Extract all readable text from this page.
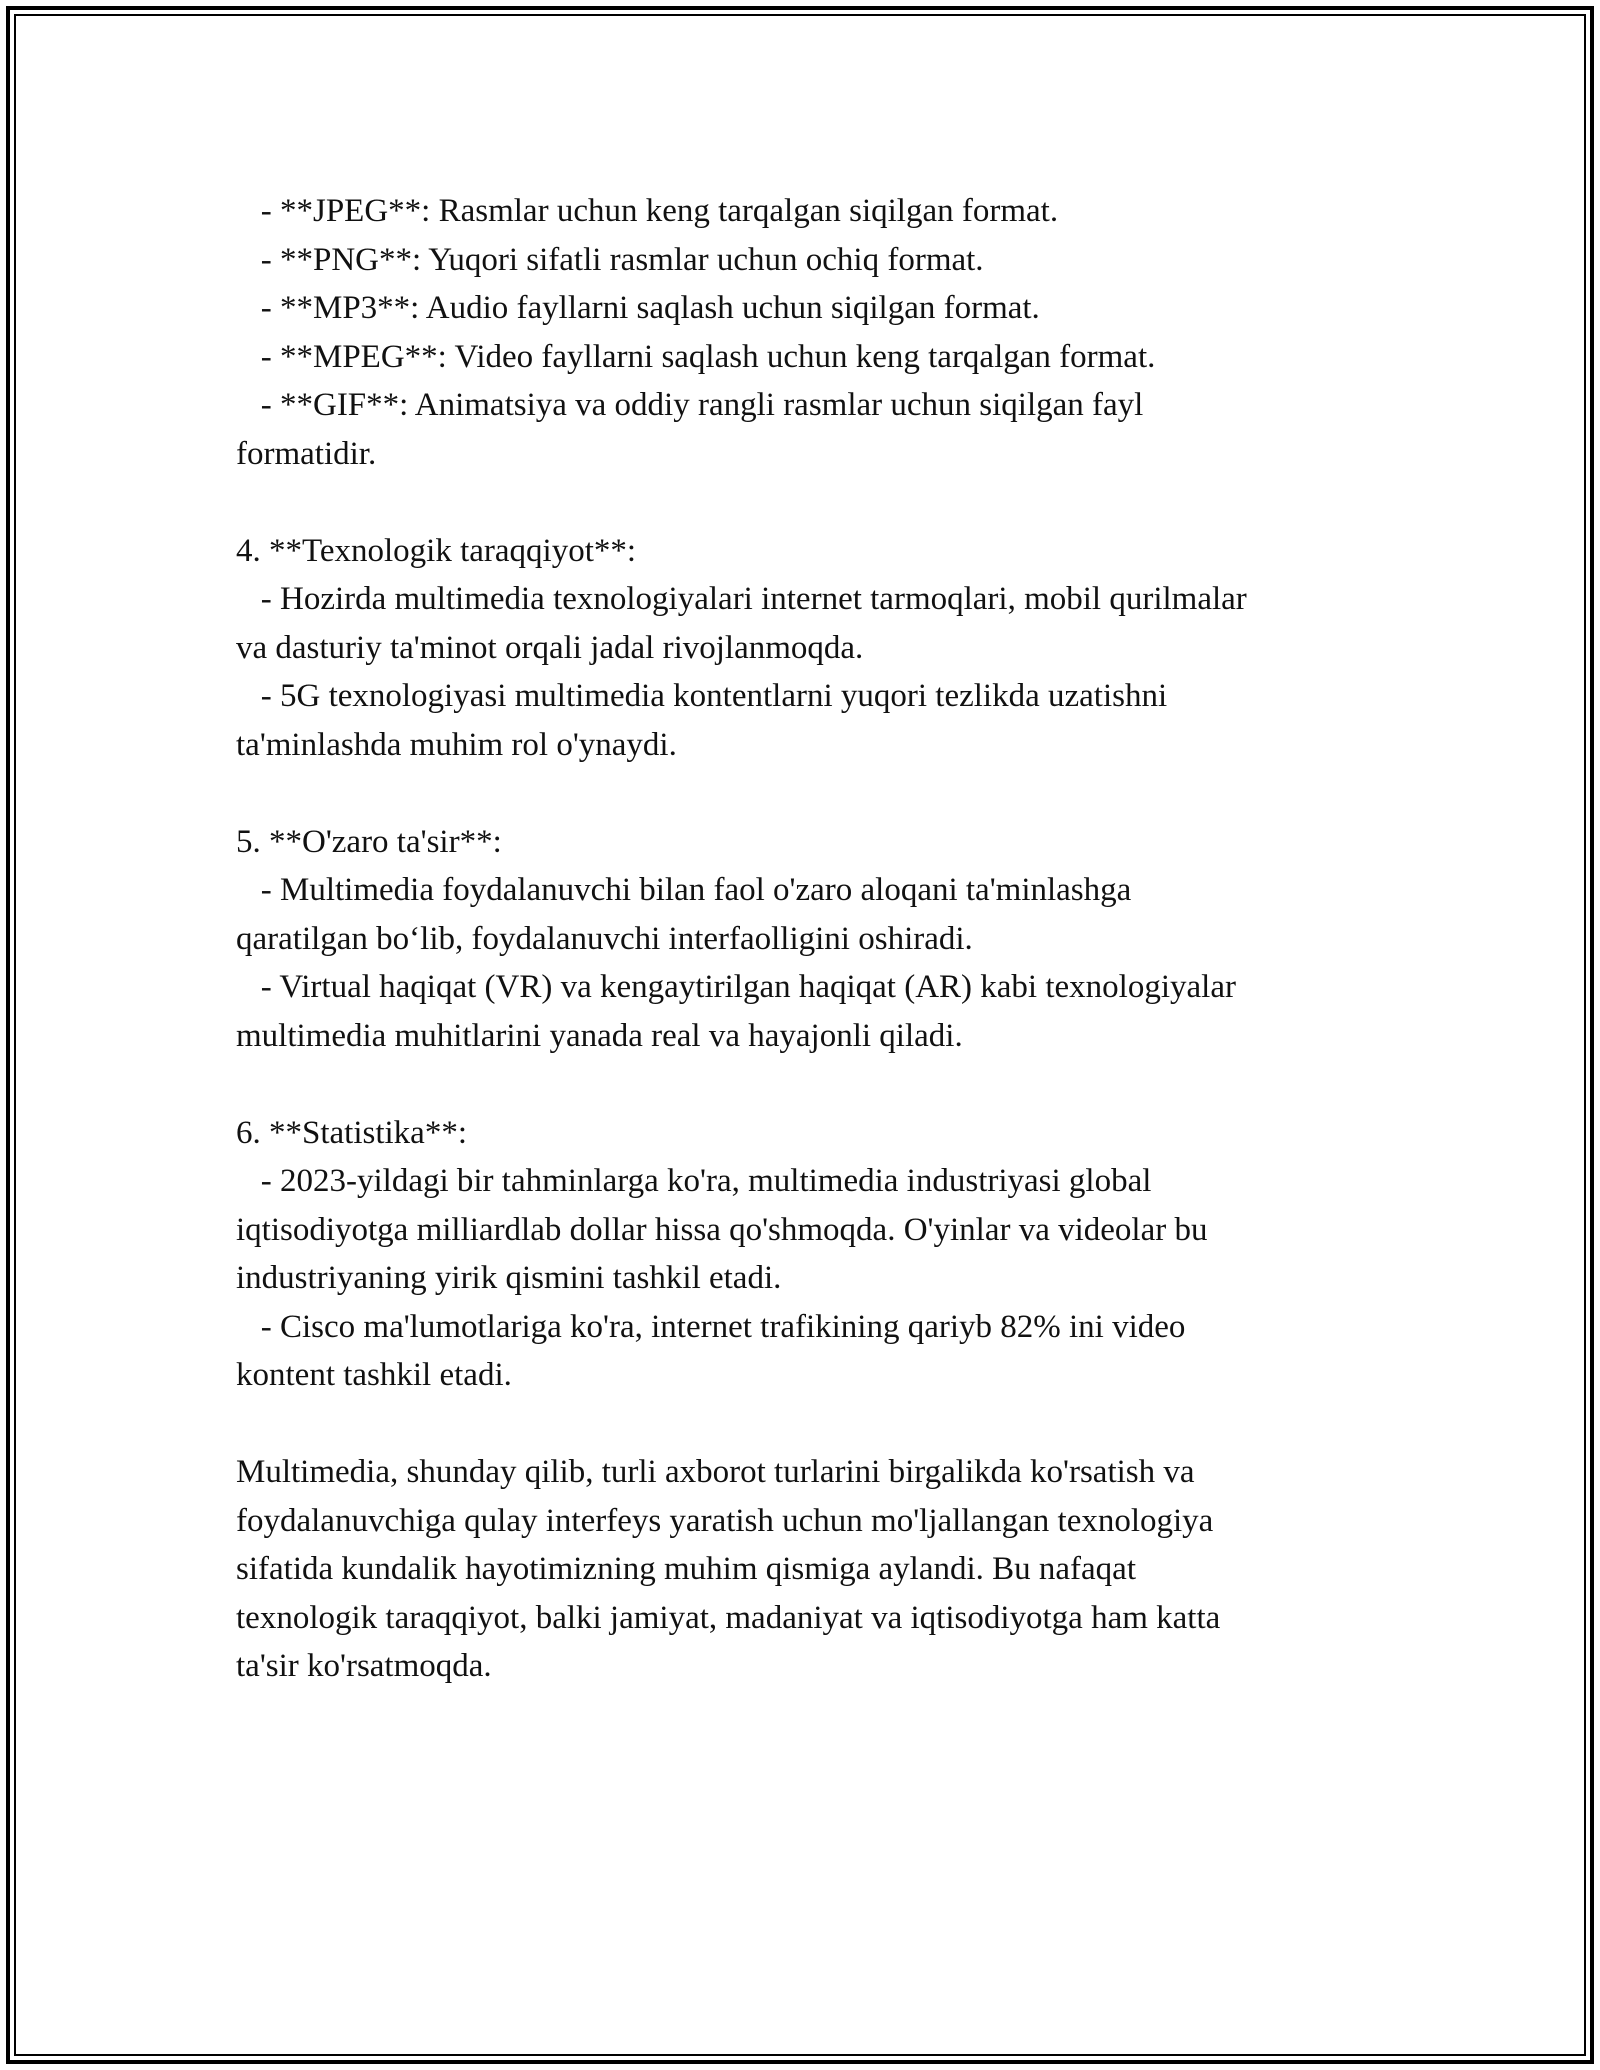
- **JPEG**: Rasmlar uchun keng tarqalgan siqilgan format.
- **PNG**: Yuqori sifatli rasmlar uchun ochiq format.
- **MP3**: Audio fayllarni saqlash uchun siqilgan format.
- **MPEG**: Video fayllarni saqlash uchun keng tarqalgan format.
- **GIF**: Animatsiya va oddiy rangli rasmlar uchun siqilgan fayl
formatidir.
4. **Texnologik taraqqiyot**:
- Hozirda multimedia texnologiyalari internet tarmoqlari, mobil qurilmalar
va dasturiy ta'minot orqali jadal rivojlanmoqda.
- 5G texnologiyasi multimedia kontentlarni yuqori tezlikda uzatishni
ta'minlashda muhim rol o'ynaydi.
5. **O'zaro ta'sir**:
- Multimedia foydalanuvchi bilan faol o'zaro aloqani ta'minlashga
qaratilgan bo‘lib, foydalanuvchi interfaolligini oshiradi.
- Virtual haqiqat (VR) va kengaytirilgan haqiqat (AR) kabi texnologiyalar
multimedia muhitlarini yanada real va hayajonli qiladi.
6. **Statistika**:
- 2023-yildagi bir tahminlarga ko'ra, multimedia industriyasi global
iqtisodiyotga milliardlab dollar hissa qo'shmoqda. O'yinlar va videolar bu
industriyaning yirik qismini tashkil etadi.
- Cisco ma'lumotlariga ko'ra, internet trafikining qariyb 82% ini video
kontent tashkil etadi.
Multimedia, shunday qilib, turli axborot turlarini birgalikda ko'rsatish va
foydalanuvchiga qulay interfeys yaratish uchun mo'ljallangan texnologiya
sifatida kundalik hayotimizning muhim qismiga aylandi. Bu nafaqat
texnologik taraqqiyot, balki jamiyat, madaniyat va iqtisodiyotga ham katta
ta'sir ko'rsatmoqda.
